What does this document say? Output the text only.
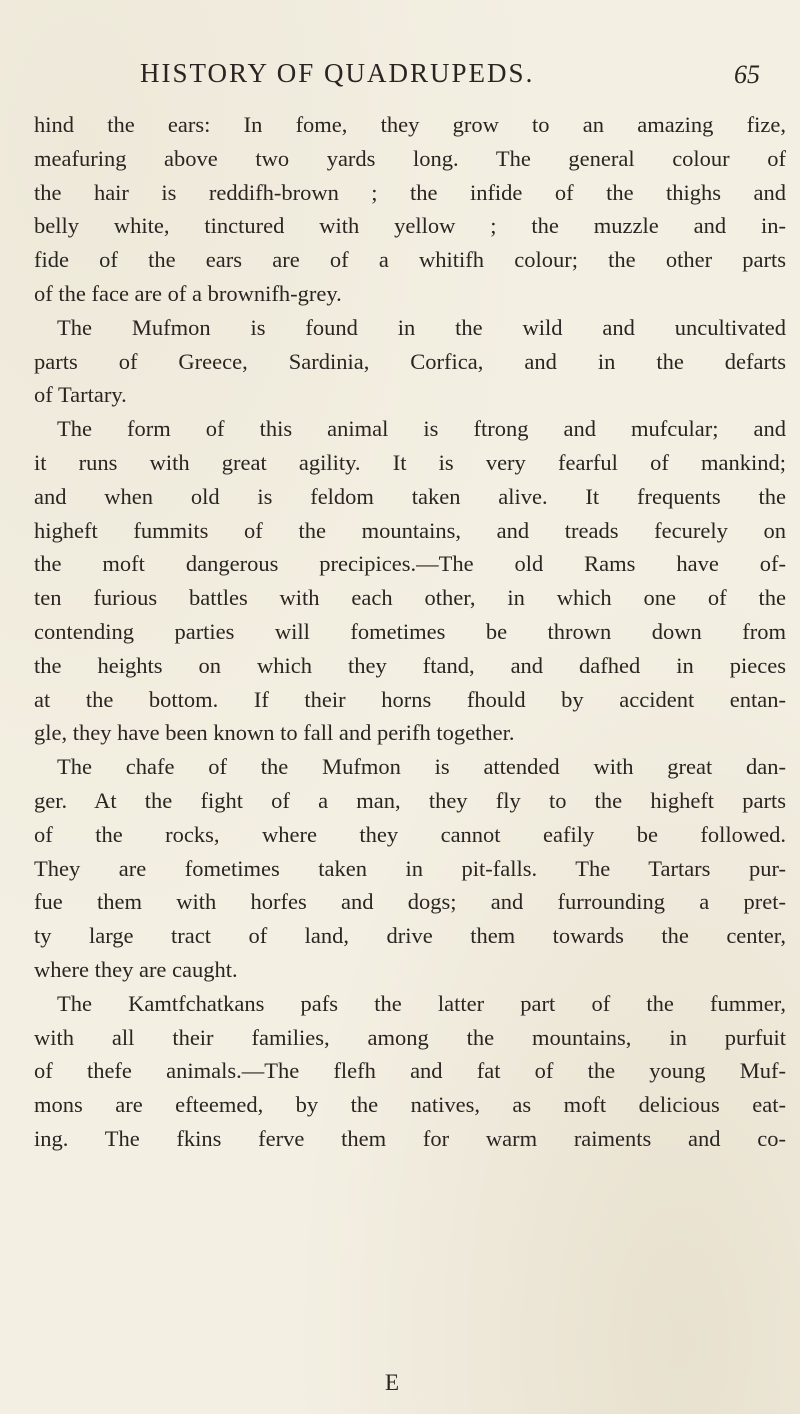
HISTORY OF QUADRUPEDS.	65
hind the ears: In fome, they grow to an amazing fize,
meafuring above two yards long. The general colour of
the hair is reddifh-brown ; the infide of the thighs and
belly white, tinctured with yellow ; the muzzle and in-
fide of the ears are of a whitifh colour; the other parts
of the face are of a brownifh-grey.
The Mufmon is found in the wild and uncultivated
parts of Greece, Sardinia, Corfica, and in the defarts
of Tartary.
The form of this animal is ftrong and mufcular; and
it runs with great agility. It is very fearful of mankind;
and when old is feldom taken alive. It frequents the
higheft fummits of the mountains, and treads fecurely on
the moft dangerous precipices.—The old Rams have of-
ten furious battles with each other, in which one of the
contending parties will fometimes be thrown down from
the heights on which they ftand, and dafhed in pieces
at the bottom. If their horns fhould by accident entan-
gle, they have been known to fall and perifh together.
The chafe of the Mufmon is attended with great dan-
ger. At the fight of a man, they fly to the higheft parts
of the rocks, where they cannot eafily be followed.
They are fometimes taken in pit-falls. The Tartars pur-
fue them with horfes and dogs; and furrounding a pret-
ty large tract of land, drive them towards the center,
where they are caught.
The Kamtfchatkans pafs the latter part of the fummer,
with all their families, among the mountains, in purfuit
of thefe animals.—The flefh and fat of the young Muf-
mons are efteemed, by the natives, as moft delicious eat-
ing. The fkins ferve them for warm raiments and co-
E
